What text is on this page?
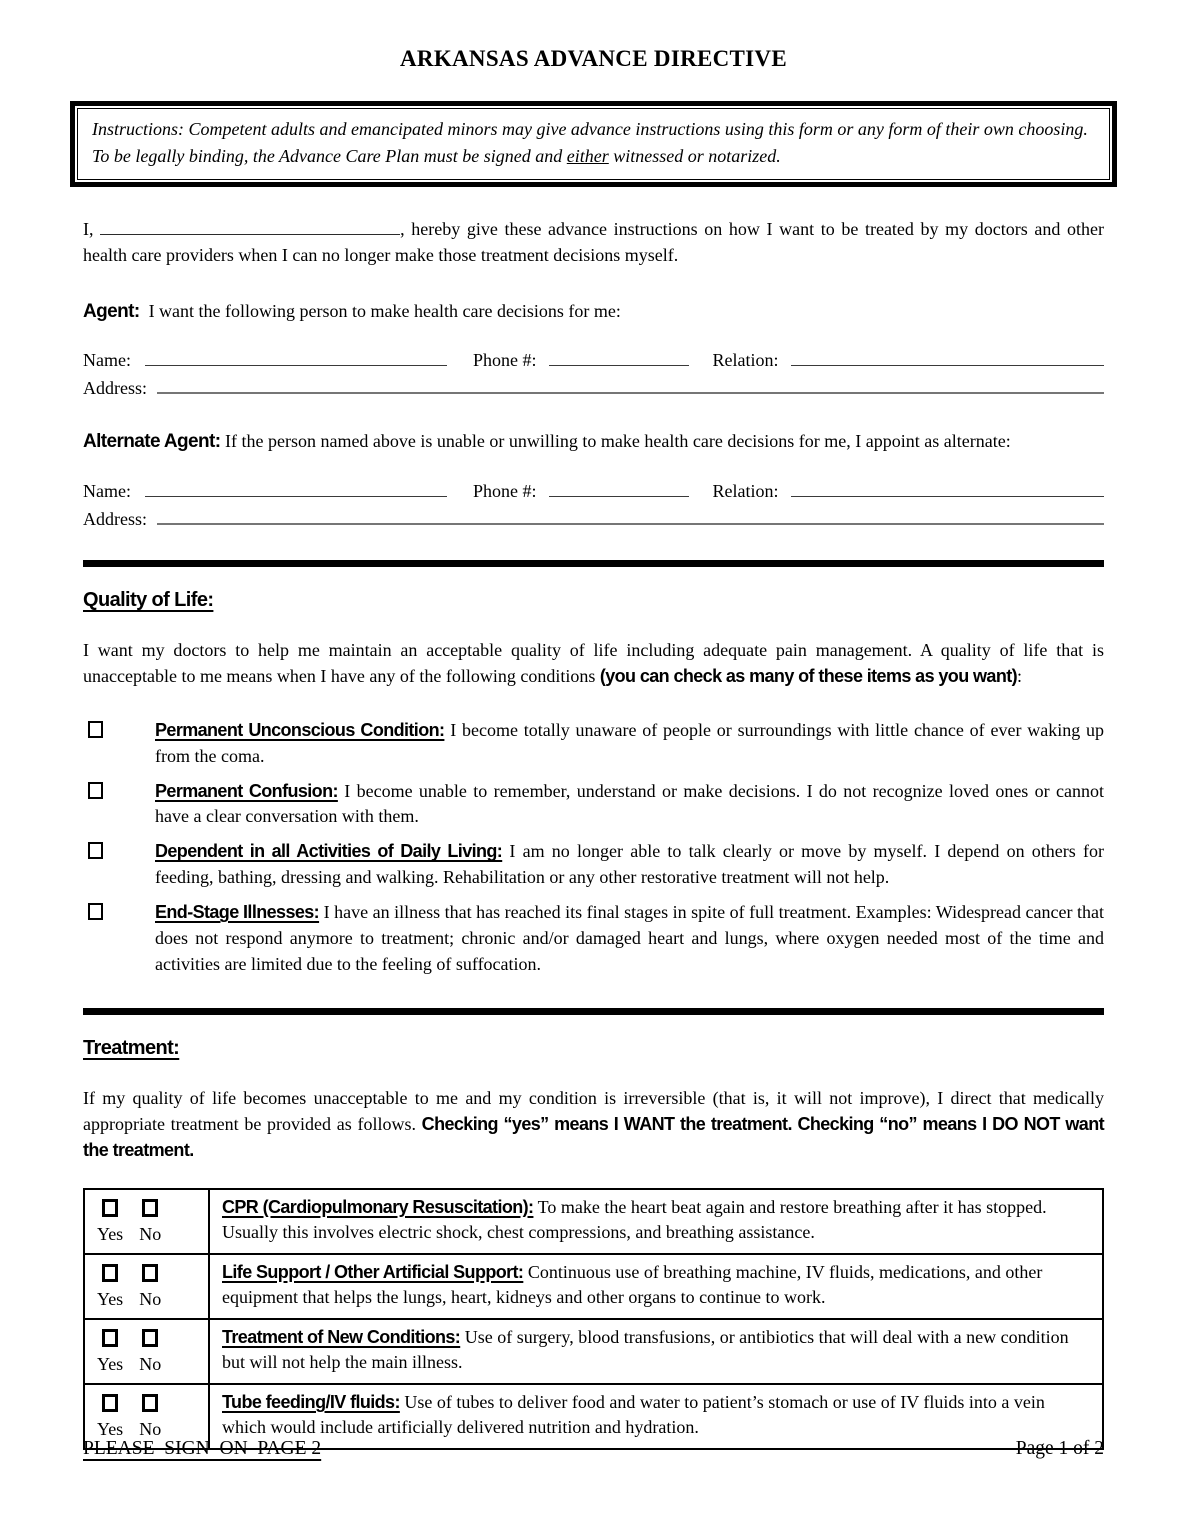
ARKANSAS ADVANCE DIRECTIVE
Instructions: Competent adults and emancipated minors may give advance instructions using this form or any form of their own choosing. To be legally binding, the Advance Care Plan must be signed and either witnessed or notarized.

I,	, hereby give these advance instructions on how I want to be treated by my doctors and other health care providers when I can no longer make those treatment decisions myself.

Agent:  I want the following person to make health care decisions for me:

Name:	Phone #:	Relation:
Address:

Alternate Agent: If the person named above is unable or unwilling to make health care decisions for me, I appoint as alternate:

Name:	Phone #:	Relation:
Address:
Quality of Life:

I want my doctors to help me maintain an acceptable quality of life including adequate pain management. A quality of life that is unacceptable to me means when I have any of the following conditions (you can check as many of these items as you want):

Permanent Unconscious Condition: I become totally unaware of people or surroundings with little chance of ever waking up from the coma.
Permanent Confusion: I become unable to remember, understand or make decisions. I do not recognize loved ones or cannot have a clear conversation with them.
Dependent in all Activities of Daily Living: I am no longer able to talk clearly or move by myself. I depend on others for feeding, bathing, dressing and walking. Rehabilitation or any other restorative treatment will not help.
End-Stage Illnesses: I have an illness that has reached its final stages in spite of full treatment. Examples: Widespread cancer that does not respond anymore to treatment; chronic and/or damaged heart and lungs, where oxygen needed most of the time and activities are limited due to the feeling of suffocation.
Treatment:

If my quality of life becomes unacceptable to me and my condition is irreversible (that is, it will not improve), I direct that medically appropriate treatment be provided as follows. Checking “yes” means I WANT the treatment. Checking “no” means I DO NOT want the treatment.

Yes No	CPR (Cardiopulmonary Resuscitation): To make the heart beat again and restore breathing after it has stopped. Usually this involves electric shock, chest compressions, and breathing assistance.

Yes No	Life Support / Other Artificial Support: Continuous use of breathing machine, IV fluids, medications, and other equipment that helps the lungs, heart, kidneys and other organs to continue to work.

Yes No	Treatment of New Conditions: Use of surgery, blood transfusions, or antibiotics that will deal with a new condition but will not help the main illness.

Yes No	Tube feeding/IV fluids: Use of tubes to deliver food and water to patient’s stomach or use of IV fluids into a vein which would include artificially delivered nutrition and hydration.
PLEASE  SIGN  ON  PAGE 2	Page 1 of 2
